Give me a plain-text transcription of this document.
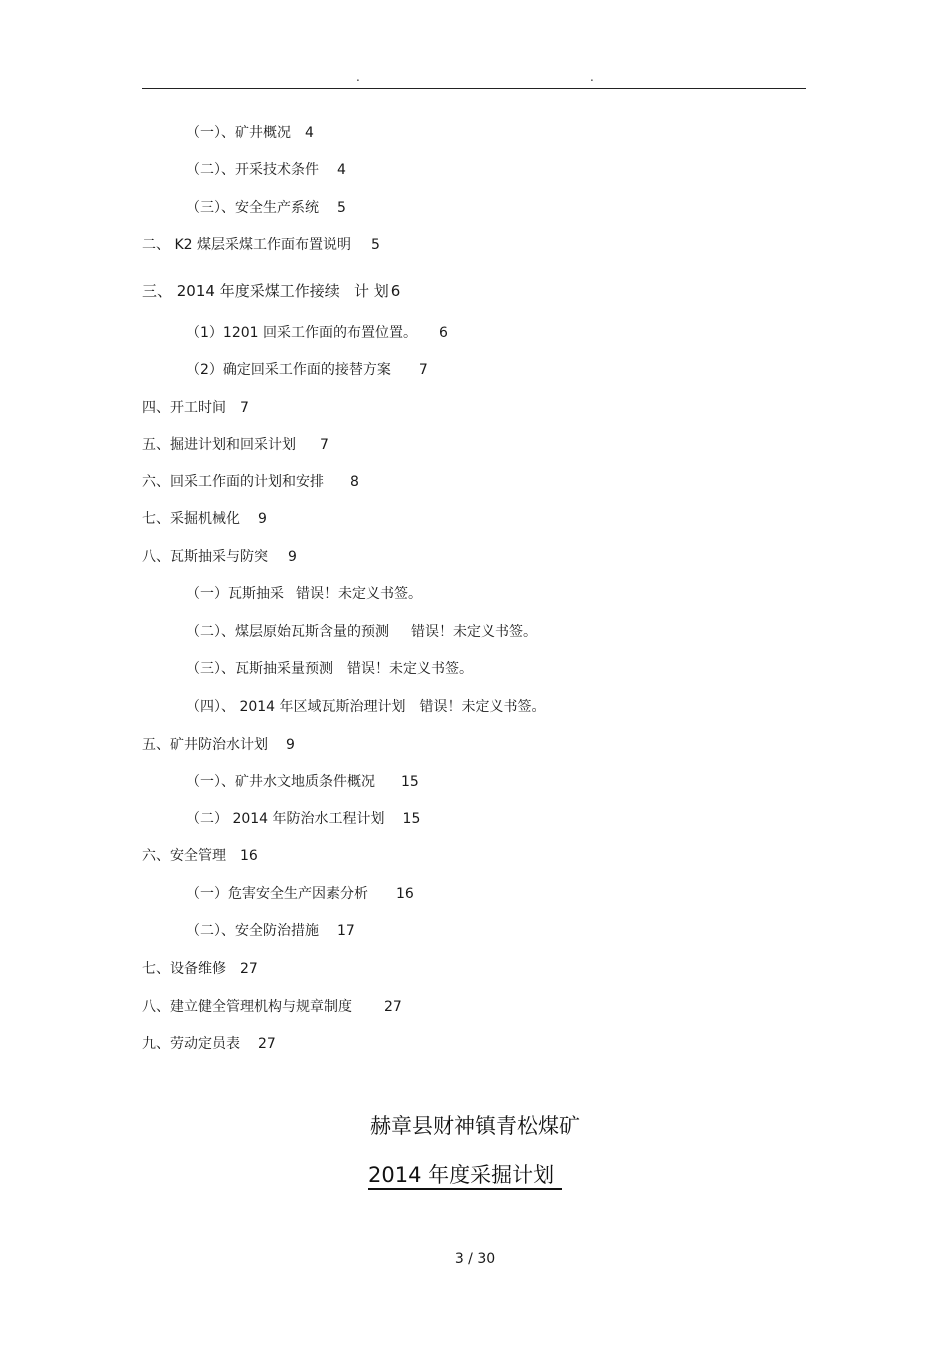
.	.
（一）、矿井概况 4
（二）、开采技术条件 4
（三）、安全生产系统 5
二、 K2 煤层采煤工作面布置说明 5
三、 2014 年度采煤工作接续   计 划 6
（1）1201 回采工作面的布置位置。 6
（2）确定回采工作面的接替方案 7
四、开工时间 7
五、掘进计划和回采计划 7
六、回采工作面的计划和安排 8
七、采掘机械化 9
八、瓦斯抽采与防突 9
（一）瓦斯抽采 错误！未定义书签。
（二）、煤层原始瓦斯含量的预测 错误！未定义书签。
（三）、瓦斯抽采量预测 错误！未定义书签。
（四）、 2014 年区域瓦斯治理计划 错误！未定义书签。
五、矿井防治水计划 9
（一）、矿井水文地质条件概况 15
（二） 2014 年防治水工程计划 15
六、安全管理 16
（一）危害安全生产因素分析 16
（二）、安全防治措施 17
七、设备维修 27
八、建立健全管理机构与规章制度 27
九、劳动定员表 27
赫章县财神镇青松煤矿
2014 年度采掘计划
3 / 30
